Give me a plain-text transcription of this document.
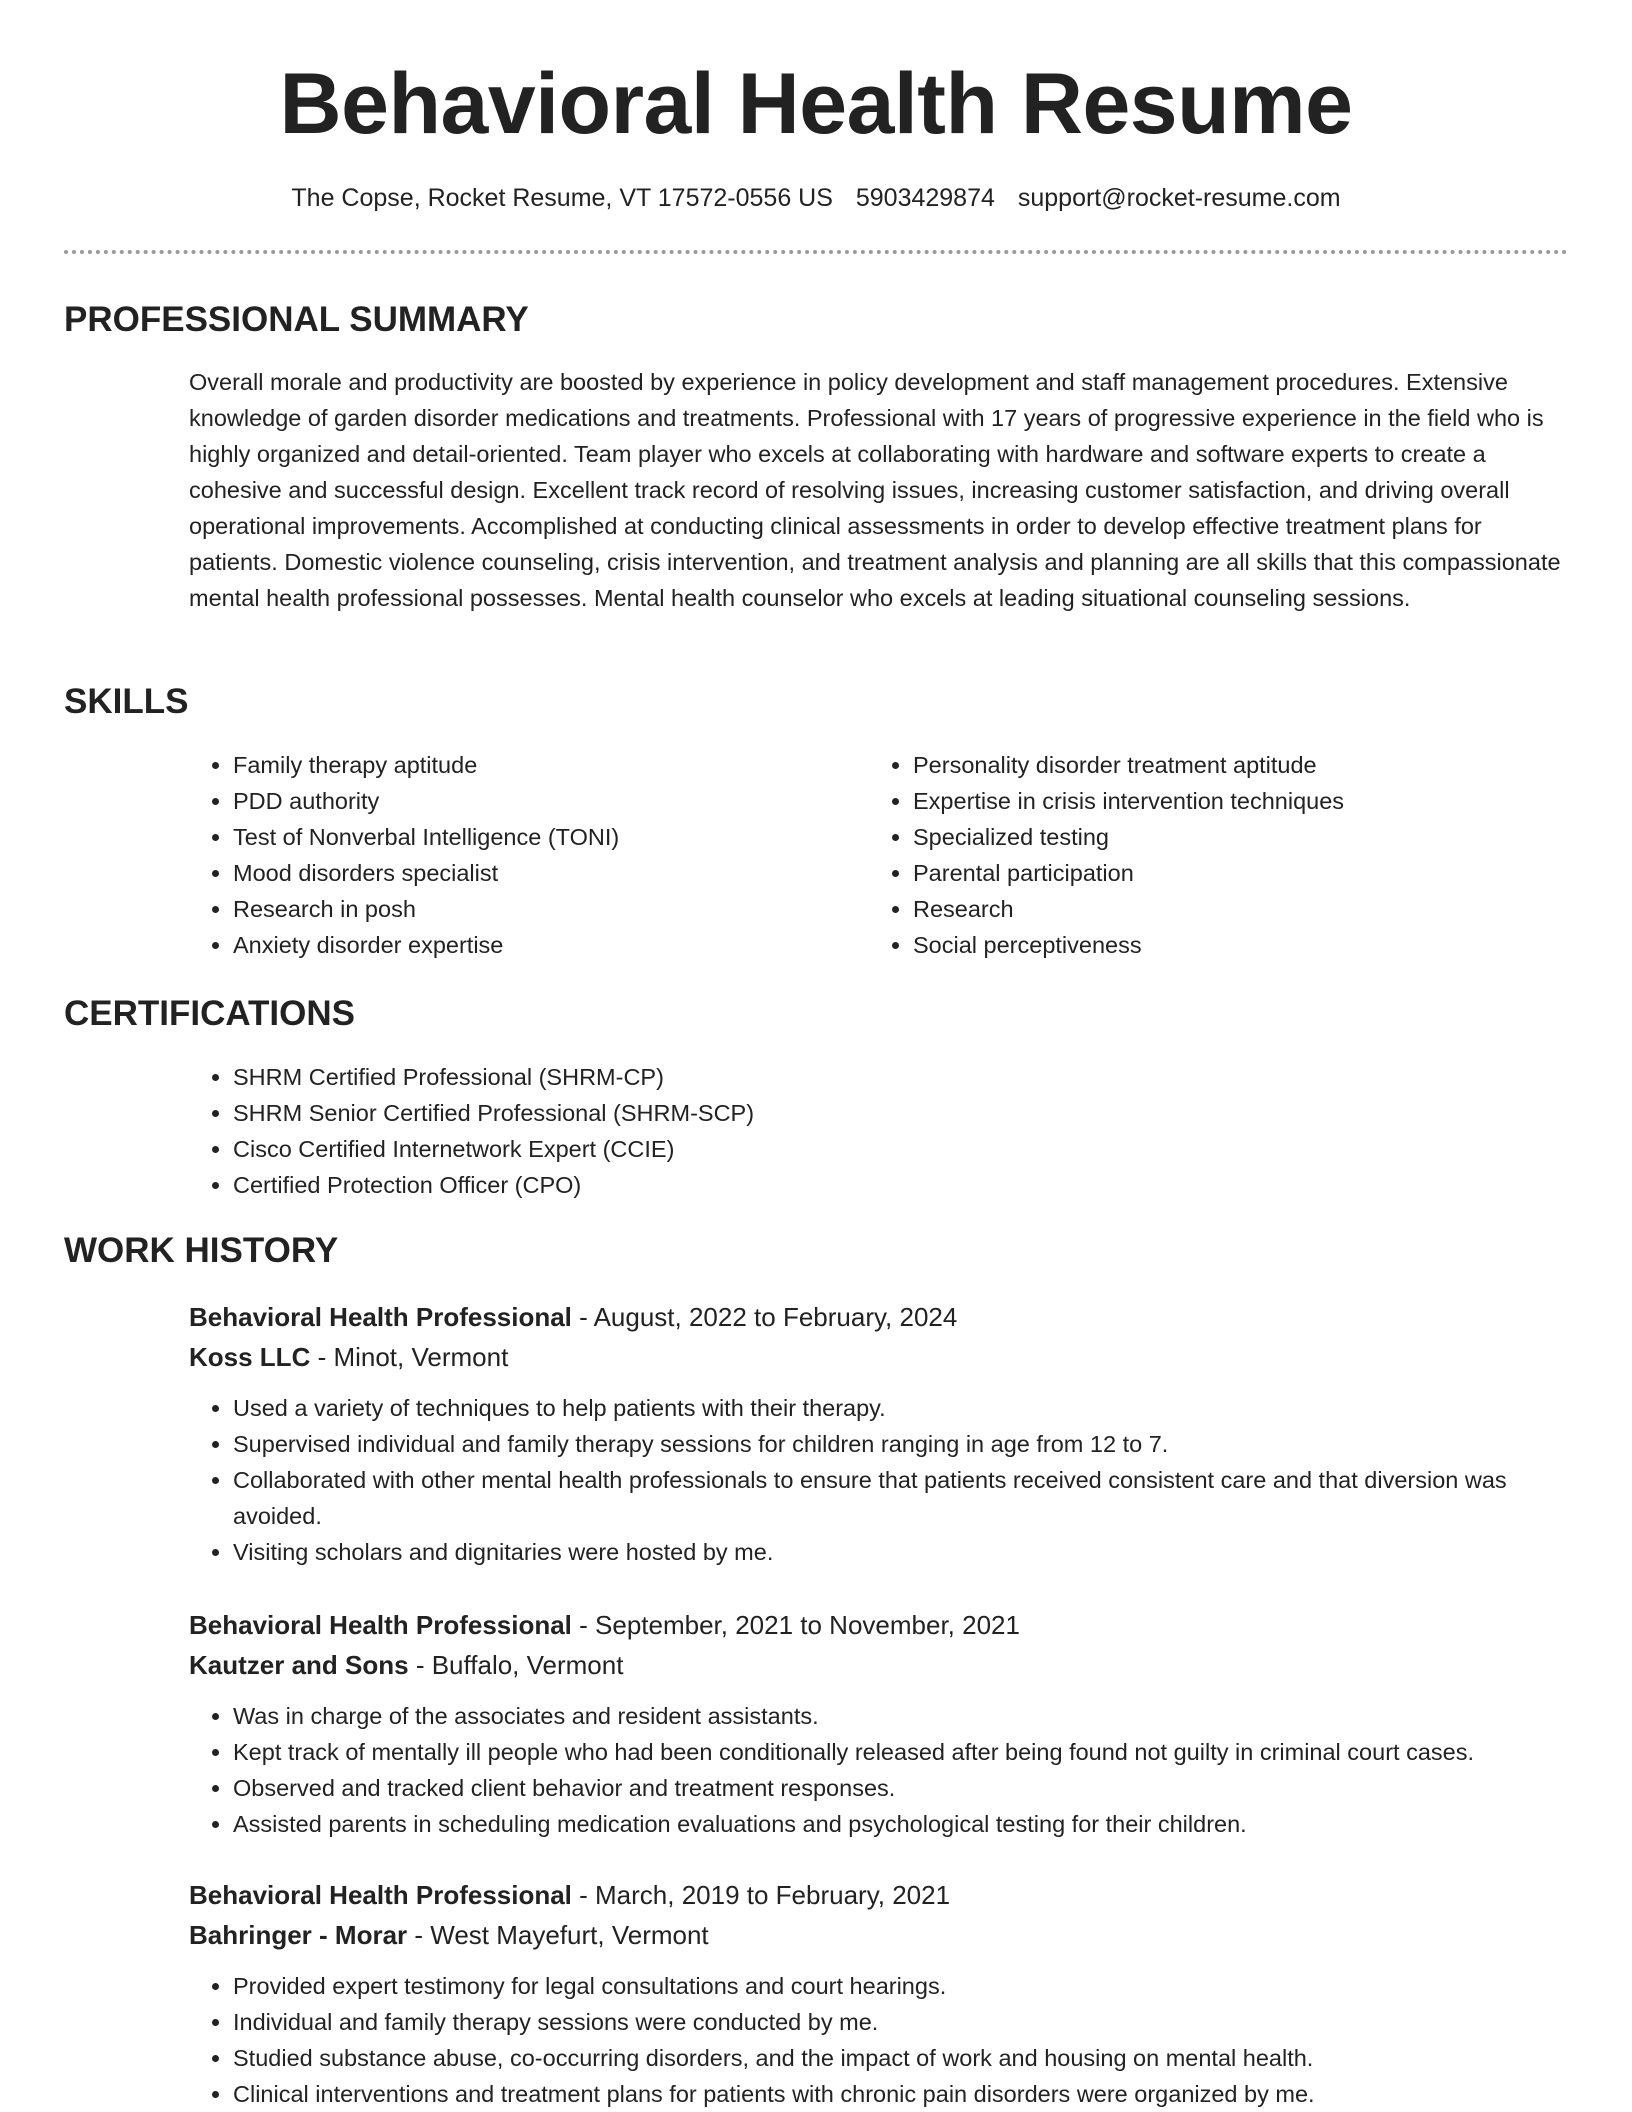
Behavioral Health Resume
The Copse, Rocket Resume, VT 17572-0556 US 5903429874 support@rocket-resume.com
PROFESSIONAL SUMMARY

Overall morale and productivity are boosted by experience in policy development and staff management procedures. Extensive knowledge of garden disorder medications and treatments. Professional with 17 years of progressive experience in the field who is highly organized and detail-oriented. Team player who excels at collaborating with hardware and software experts to create a cohesive and successful design. Excellent track record of resolving issues, increasing customer satisfaction, and driving overall operational improvements. Accomplished at conducting clinical assessments in order to develop effective treatment plans for patients. Domestic violence counseling, crisis intervention, and treatment analysis and planning are all skills that this compassionate mental health professional possesses. Mental health counselor who excels at leading situational counseling sessions.

SKILLS
• Family therapy aptitude
• PDD authority
• Test of Nonverbal Intelligence (TONI)
• Mood disorders specialist
• Research in posh
• Anxiety disorder expertise
• Personality disorder treatment aptitude
• Expertise in crisis intervention techniques
• Specialized testing
• Parental participation
• Research
• Social perceptiveness
CERTIFICATIONS
• SHRM Certified Professional (SHRM-CP)
• SHRM Senior Certified Professional (SHRM-SCP)
• Cisco Certified Internetwork Expert (CCIE)
• Certified Protection Officer (CPO)
WORK HISTORY
Behavioral Health Professional - August, 2022 to February, 2024
Koss LLC - Minot, Vermont
• Used a variety of techniques to help patients with their therapy.
• Supervised individual and family therapy sessions for children ranging in age from 12 to 7.
• Collaborated with other mental health professionals to ensure that patients received consistent care and that diversion was avoided.
• Visiting scholars and dignitaries were hosted by me.
Behavioral Health Professional - September, 2021 to November, 2021
Kautzer and Sons - Buffalo, Vermont
• Was in charge of the associates and resident assistants.
• Kept track of mentally ill people who had been conditionally released after being found not guilty in criminal court cases.
• Observed and tracked client behavior and treatment responses.
• Assisted parents in scheduling medication evaluations and psychological testing for their children.
Behavioral Health Professional - March, 2019 to February, 2021
Bahringer - Morar - West Mayefurt, Vermont
• Provided expert testimony for legal consultations and court hearings.
• Individual and family therapy sessions were conducted by me.
• Studied substance abuse, co-occurring disorders, and the impact of work and housing on mental health.
• Clinical interventions and treatment plans for patients with chronic pain disorders were organized by me.
